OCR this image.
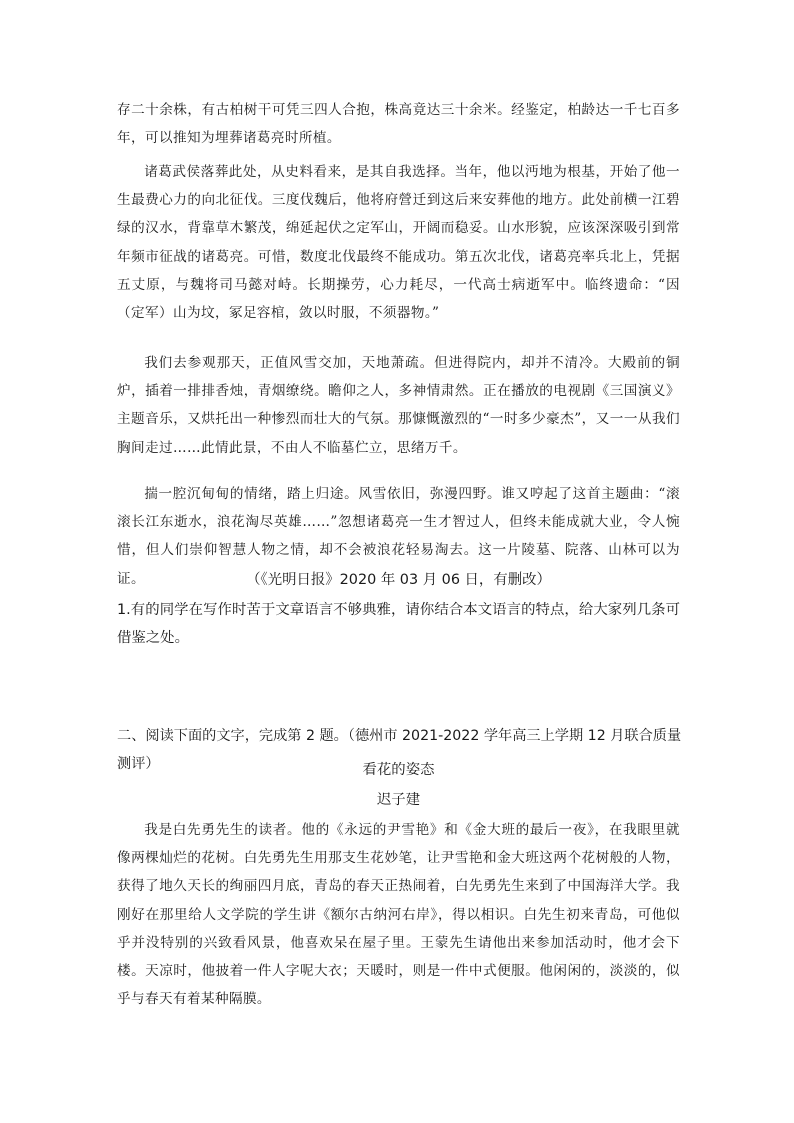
存二十余株，有古柏树干可凭三四人合抱，株高竟达三十余米。经鉴定，柏龄达一千七百多年，可以推知为埋葬诸葛亮时所植。

诸葛武侯落葬此处，从史料看来，是其自我选择。当年，他以沔地为根基，开始了他一生最费心力的向北征伐。三度伐魏后，他将府營迁到这后来安葬他的地方。此处前横一江碧绿的汉水，背靠草木繁茂，绵延起伏之定军山，开阔而稳妥。山水形貌，应该深深吸引到常年频市征战的诸葛亮。可惜，数度北伐最终不能成功。第五次北伐，诸葛亮率兵北上，凭据五丈原，与魏将司马懿对峙。长期操劳，心力耗尽，一代高士病逝军中。临终遗命：“因（定军）山为坟，冢足容棺，敛以时服，不须器物。”

我们去参观那天，正值风雪交加，天地萧疏。但进得院内，却并不清冷。大殿前的铜炉，插着一排排香烛，青烟缭绕。瞻仰之人，多神情肃然。正在播放的电视剧《三国演义》主题音乐，又烘托出一种惨烈而壮大的气氛。那慷慨激烈的“一时多少豪杰”，又一一从我们胸间走过……此情此景，不由人不临墓伫立，思绪万千。

揣一腔沉甸甸的情绪，踏上归途。风雪依旧，弥漫四野。谁又哼起了这首主题曲：“滚滚长江东逝水，浪花淘尽英雄……”忽想诸葛亮一生才智过人，但终未能成就大业，令人惋惜，但人们崇仰智慧人物之情，却不会被浪花轻易淘去。这一片陵墓、院落、山林可以为证。	（《光明日报》2020 年 03 月 06 日，有删改）

1.有的同学在写作时苦于文章语言不够典雅，请你结合本文语言的特点，给大家列几条可借鉴之处。

二、阅读下面的文字，完成第 2 题。（德州市 2021-2022 学年高三上学期 12 月联合质量测评）	看花的姿态
迟子建

我是白先勇先生的读者。他的《永远的尹雪艳》和《金大班的最后一夜》，在我眼里就像两棵灿烂的花树。白先勇先生用那支生花妙笔，让尹雪艳和金大班这两个花树般的人物，获得了地久天长的绚丽四月底，青岛的春天正热闹着，白先勇先生来到了中国海洋大学。我刚好在那里给人文学院的学生讲《额尔古纳河右岸》，得以相识。白先生初来青岛，可他似乎并没特别的兴致看风景，他喜欢呆在屋子里。王蒙先生请他出来参加活动时，他才会下楼。天凉时，他披着一件人字呢大衣；天暖时，则是一件中式便服。他闲闲的，淡淡的，似乎与春天有着某种隔膜。
